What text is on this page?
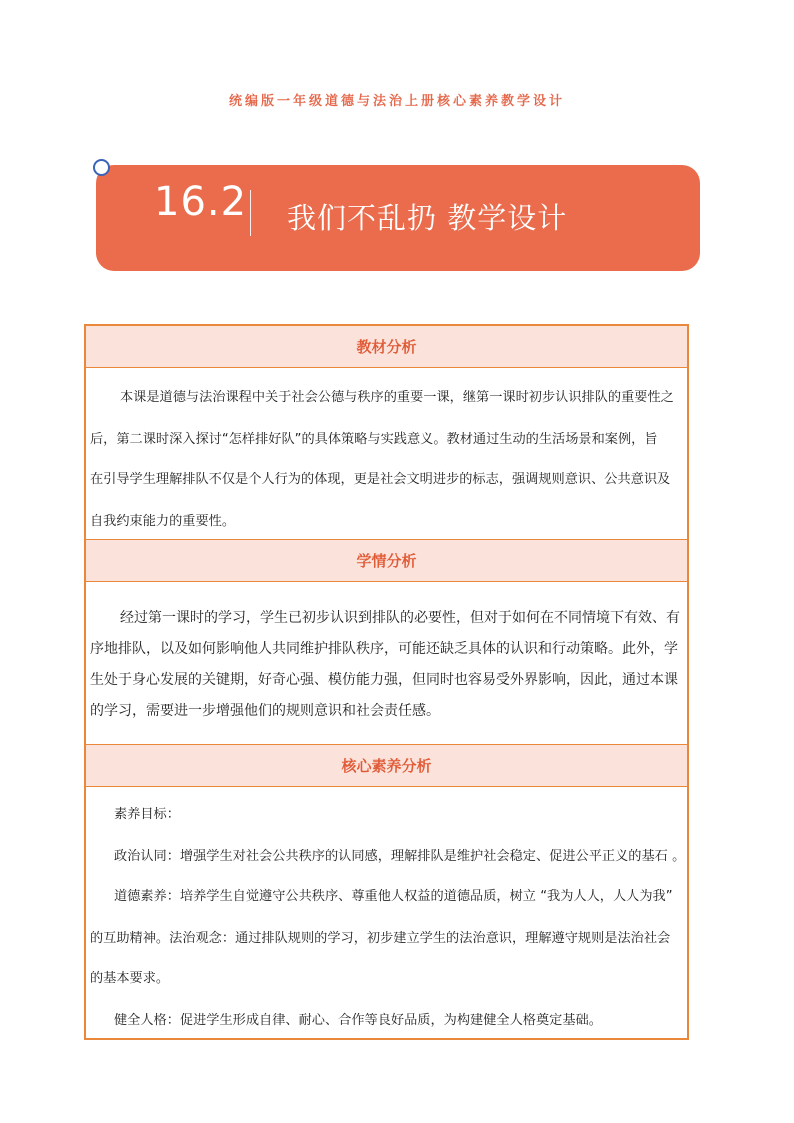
统编版一年级道德与法治上册核心素养教学设计
16.2 我们不乱扔 教学设计
教材分析
本课是道德与法治课程中关于社会公德与秩序的重要一课，继第一课时初步认识排队的重要性之
后，第二课时深入探讨“怎样排好队”的具体策略与实践意义。教材通过生动的生活场景和案例，旨
在引导学生理解排队不仅是个人行为的体现，更是社会文明进步的标志，强调规则意识、公共意识及
自我约束能力的重要性。
学情分析
经过第一课时的学习，学生已初步认识到排队的必要性，但对于如何在不同情境下有效、有
序地排队，以及如何影响他人共同维护排队秩序，可能还缺乏具体的认识和行动策略。此外，学
生处于身心发展的关键期，好奇心强、模仿能力强，但同时也容易受外界影响，因此，通过本课
的学习，需要进一步增强他们的规则意识和社会责任感。
核心素养分析
素养目标：
政治认同：增强学生对社会公共秩序的认同感，理解排队是维护社会稳定、促进公平正义的基石 。
道德素养：培养学生自觉遵守公共秩序、尊重他人权益的道德品质，树立 “我为人人，人人为我”
的互助精神。法治观念：通过排队规则的学习，初步建立学生的法治意识，理解遵守规则是法治社会
的基本要求。
健全人格：促进学生形成自律、耐心、合作等良好品质，为构建健全人格奠定基础。
